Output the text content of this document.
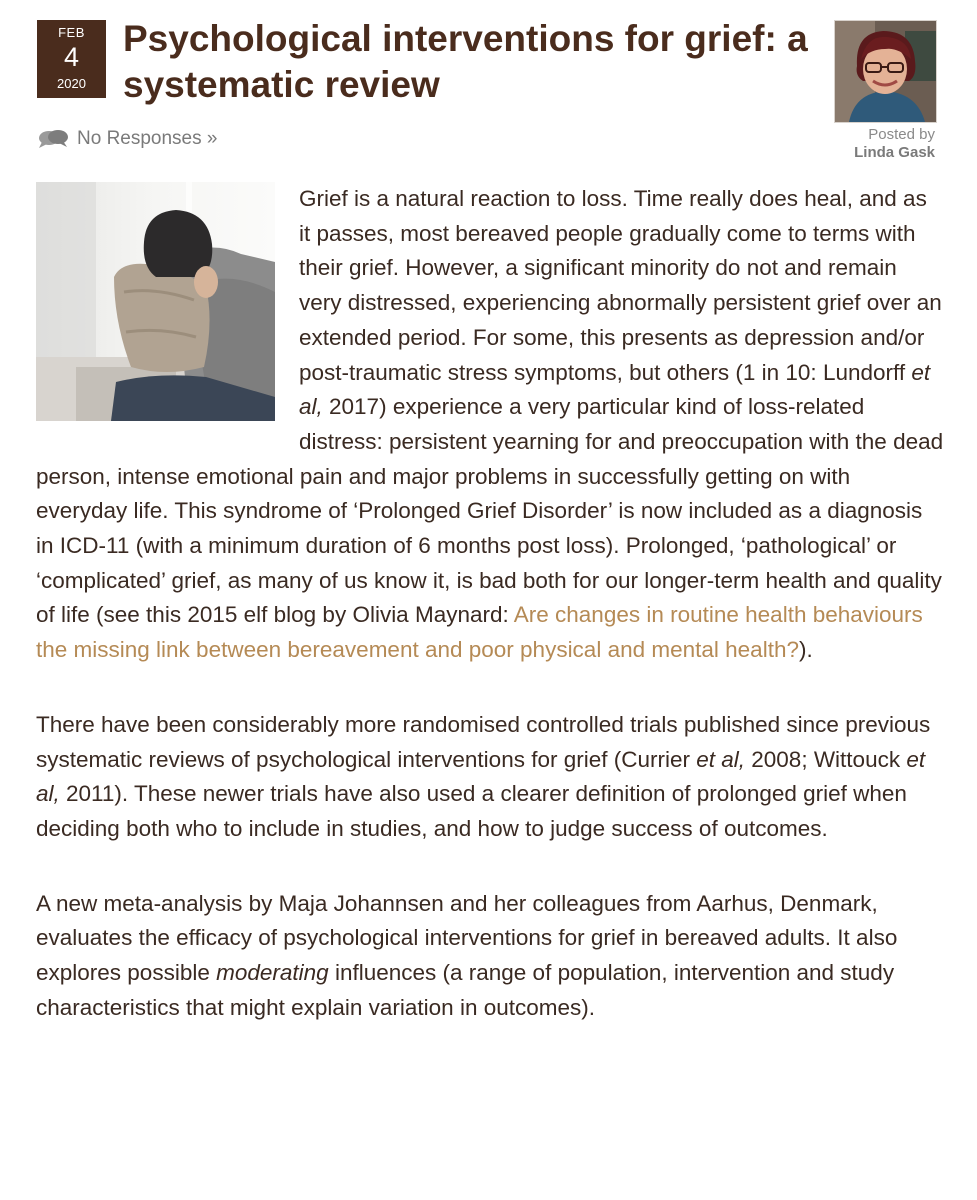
FEB
4
2020
Psychological interventions for grief: a systematic review
No Responses »	Posted by
Linda Gask

Grief is a natural reaction to loss. Time really does heal, and as it passes, most bereaved people gradually come to terms with their grief. However, a significant minority do not and remain very distressed, experiencing abnormally persistent grief over an extended period. For some, this presents as depression and/or post-traumatic stress symptoms, but others (1 in 10: Lundorff et al, 2017) experience a very particular kind of loss-related distress: persistent yearning for and preoccupation with the dead person, intense emotional pain and major problems in successfully getting on with everyday life. This syndrome of ‘Prolonged Grief Disorder’ is now included as a diagnosis in ICD-11 (with a minimum duration of 6 months post loss). Prolonged, ‘pathological’ or ‘complicated’ grief, as many of us know it, is bad both for our longer-term health and quality of life (see this 2015 elf blog by Olivia Maynard: Are changes in routine health behaviours the missing link between bereavement and poor physical and mental health?).

There have been considerably more randomised controlled trials published since previous systematic reviews of psychological interventions for grief (Currier et al, 2008; Wittouck et al, 2011). These newer trials have also used a clearer definition of prolonged grief when deciding both who to include in studies, and how to judge success of outcomes.

A new meta-analysis by Maja Johannsen and her colleagues from Aarhus, Denmark, evaluates the efficacy of psychological interventions for grief in bereaved adults. It also explores possible moderating influences (a range of population, intervention and study characteristics that might explain variation in outcomes).
